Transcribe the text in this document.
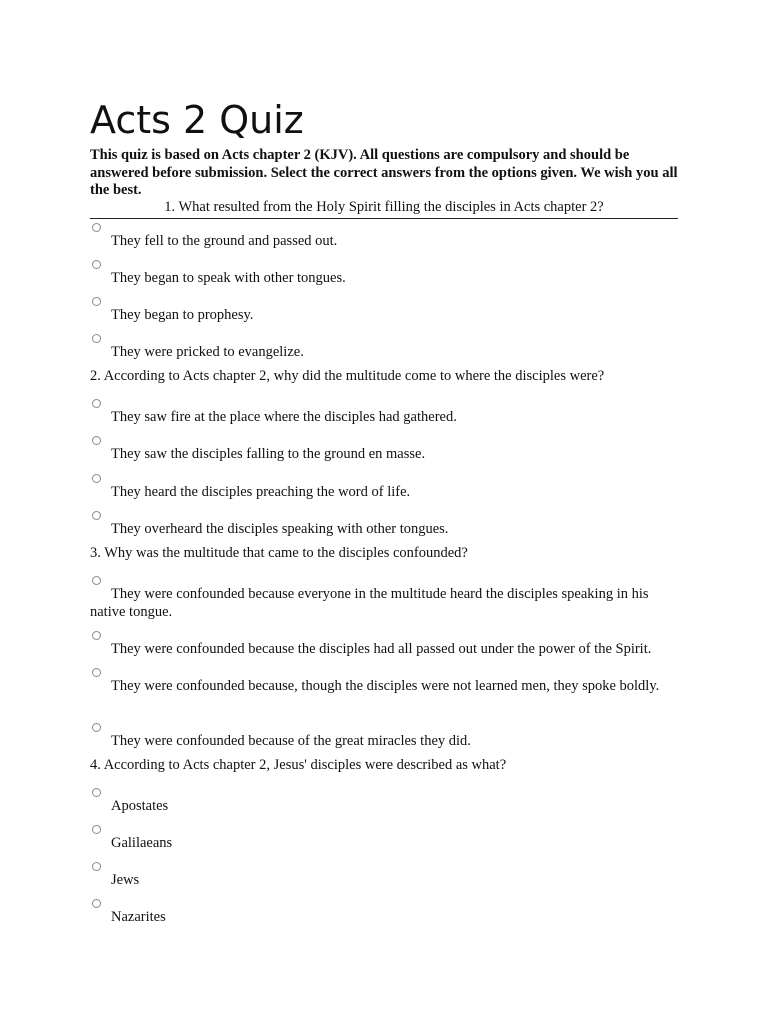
Acts 2 Quiz

This quiz is based on Acts chapter 2 (KJV). All questions are compulsory and should be answered before submission. Select the correct answers from the options given. We wish you all the best.

1. What resulted from the Holy Spirit filling the disciples in Acts chapter 2?
They fell to the ground and passed out.
They began to speak with other tongues.
They began to prophesy.
They were pricked to evangelize.
2. According to Acts chapter 2, why did the multitude come to where the disciples were?
They saw fire at the place where the disciples had gathered.
They saw the disciples falling to the ground en masse.
They heard the disciples preaching the word of life.
They overheard the disciples speaking with other tongues.
3. Why was the multitude that came to the disciples confounded?
They were confounded because everyone in the multitude heard the disciples speaking in his native tongue.
They were confounded because the disciples had all passed out under the power of the Spirit.
They were confounded because, though the disciples were not learned men, they spoke boldly.
They were confounded because of the great miracles they did.
4. According to Acts chapter 2, Jesus' disciples were described as what?
Apostates
Galilaeans
Jews
Nazarites
